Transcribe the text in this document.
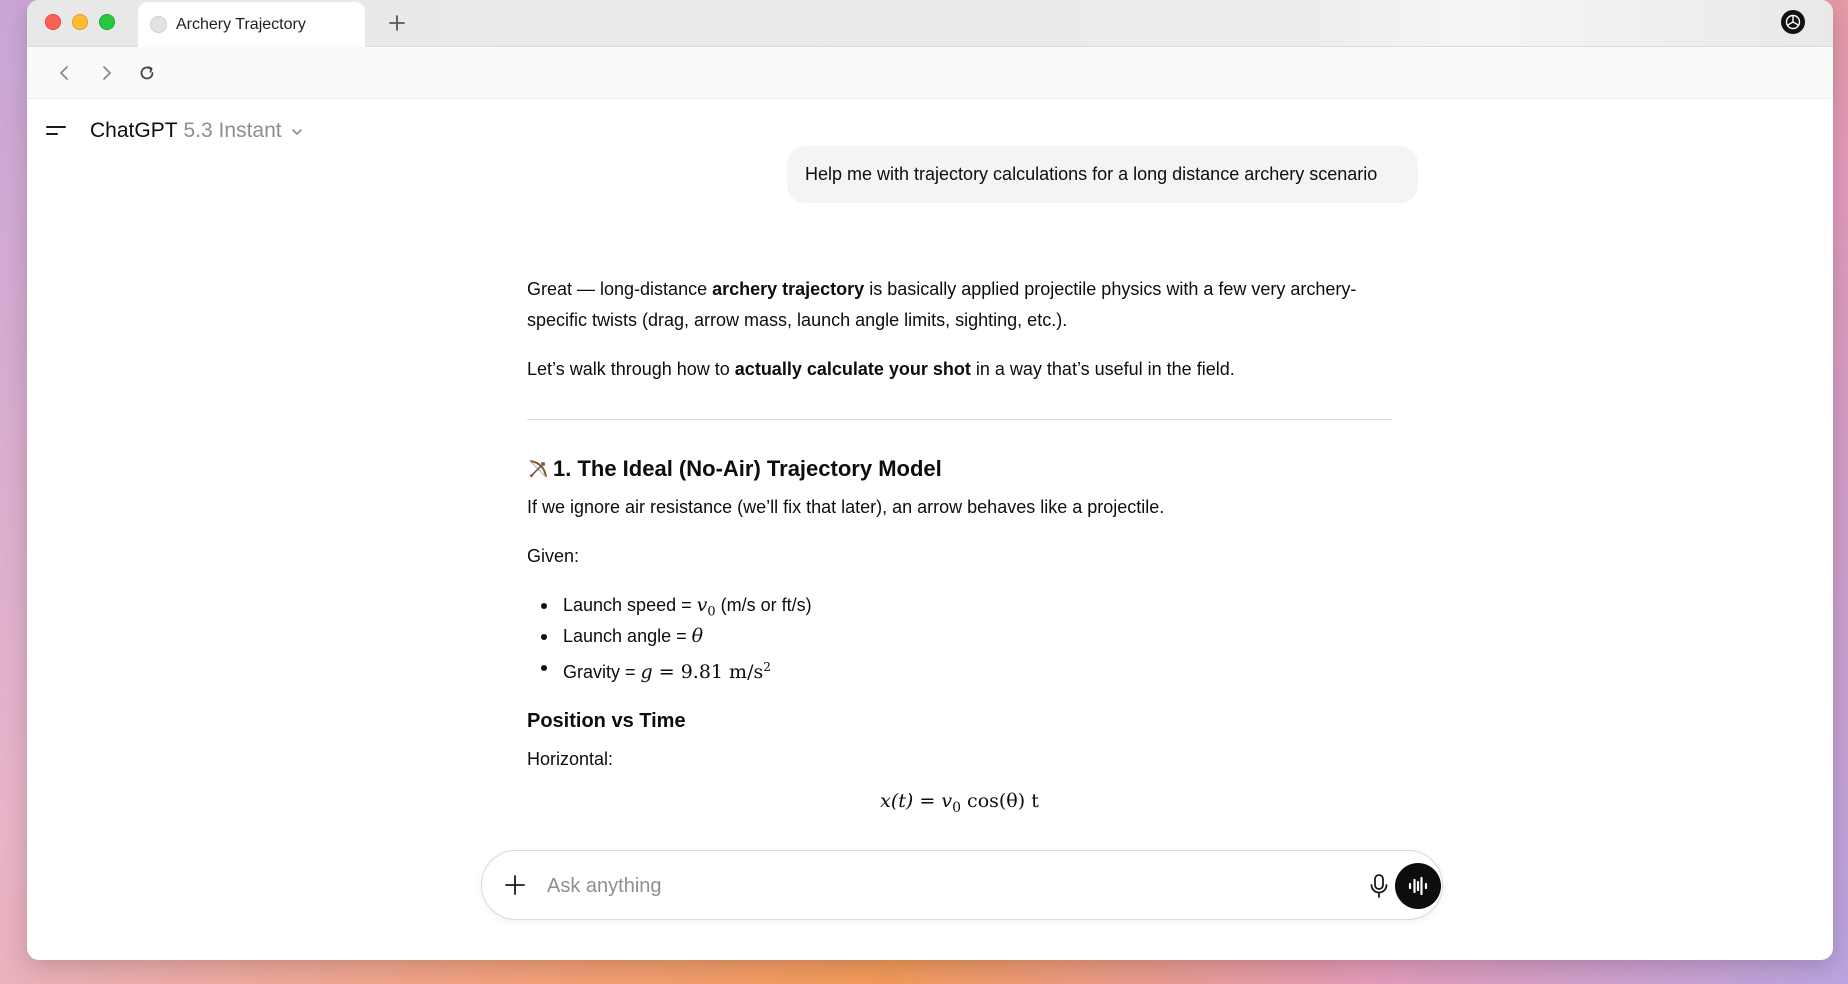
Archery Trajectory
ChatGPT 5.3 Instant
Help me with trajectory calculations for a long distance archery scenario

Great — long-distance archery trajectory is basically applied projectile physics with a few very archery-specific twists (drag, arrow mass, launch angle limits, sighting, etc.).

Let’s walk through how to actually calculate your shot in a way that’s useful in the field.

1. The Ideal (No-Air) Trajectory Model

If we ignore air resistance (we’ll fix that later), an arrow behaves like a projectile.

Given:

Launch speed = $v_0$ (m/s or ft/s)
Launch angle = θ
Gravity = g = 9.81 $m/s^2$

Position vs Time

Horizontal:

$x(t) = v_0$ cos(θ) t
Ask anything
